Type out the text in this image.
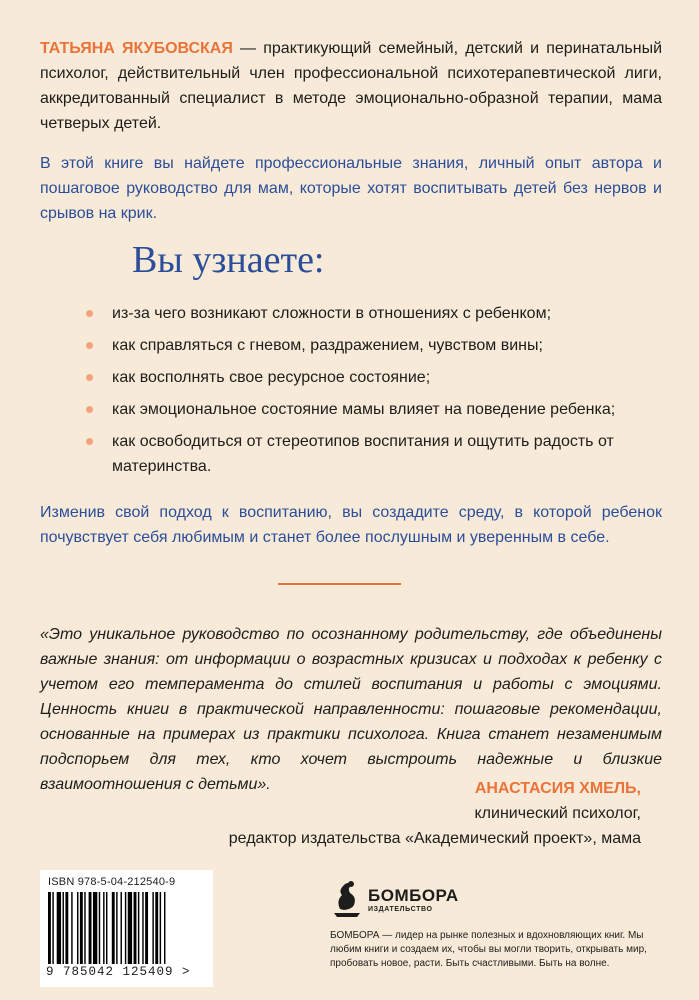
ТАТЬЯНА ЯКУБОВСКАЯ — практикующий семейный, детский и перинатальный психолог, действительный член профессиональной психотерапевтической лиги, аккредитованный специалист в методе эмоционально-образной терапии, мама четверых детей.

В этой книге вы найдете профессиональные знания, личный опыт автора и пошаговое руководство для мам, которые хотят воспитывать детей без нервов и срывов на крик.

Вы узнаете:
из-за чего возникают сложности в отношениях с ребенком;
как справляться с гневом, раздражением, чувством вины;
как восполнять свое ресурсное состояние;
как эмоциональное состояние мамы влияет на поведение ребенка;
как освободиться от стереотипов воспитания и ощутить радость от материнства.

Изменив свой подход к воспитанию, вы создадите среду, в которой ребенок почувствует себя любимым и станет более послушным и уверенным в себе.

«Это уникальное руководство по осознанному родительству, где объединены важные знания: от информации о возрастных кризисах и подходах к ребенку с учетом его темперамента до стилей воспитания и работы с эмоциями. Ценность книги в практической направленности: пошаговые рекомендации, основанные на примерах из практики психолога. Книга станет незаменимым подспорьем для тех, кто хочет выстроить надежные и близкие взаимоотношения с детьми».	АНАСТАСИЯ ХМЕЛЬ,
клинический психолог,
редактор издательства «Академический проект», мама
ISBN 978-5-04-212540-9
9 785042 125409 >
БОМБОРА
ИЗДАТЕЛЬСТВО
БОМБОРА — лидер на рынке полезных и вдохновляющих книг. Мы любим книги и создаем их, чтобы вы могли творить, открывать мир, пробовать новое, расти. Быть счастливыми. Быть на волне.
